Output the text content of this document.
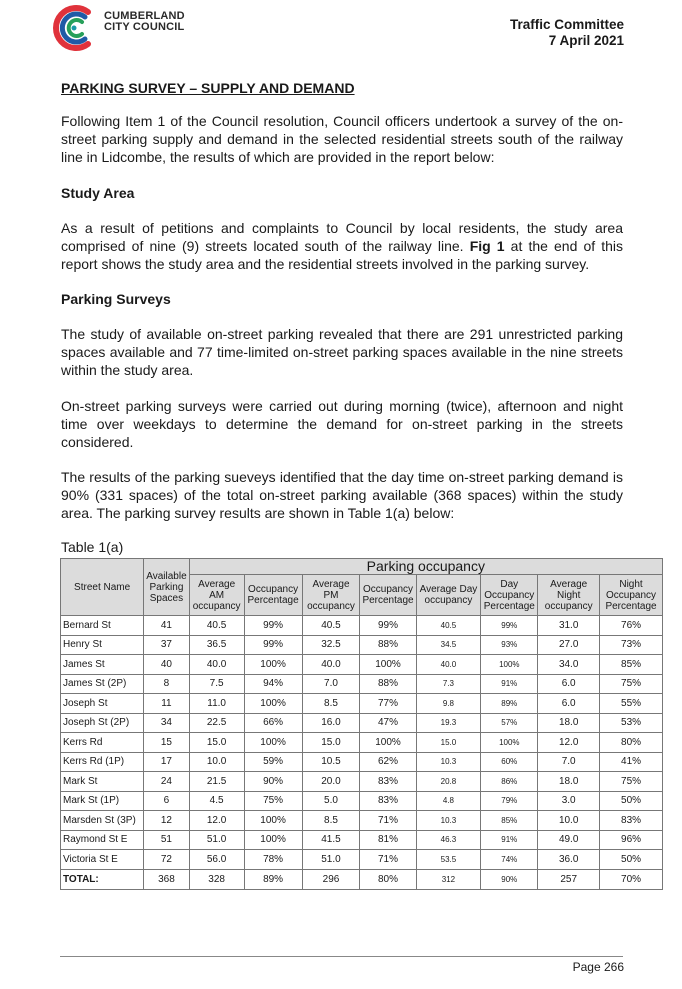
CUMBERLAND
CITY COUNCIL	Traffic Committee
7 April 2021

PARKING SURVEY – SUPPLY AND DEMAND

Following Item 1 of the Council resolution, Council officers undertook a survey of the on-street parking supply and demand in the selected residential streets south of the railway line in Lidcombe, the results of which are provided in the report below:

Study Area

As a result of petitions and complaints to Council by local residents, the study area comprised of nine (9) streets located south of the railway line. Fig 1 at the end of this report shows the study area and the residential streets involved in the parking survey.

Parking Surveys

The study of available on-street parking revealed that there are 291 unrestricted parking spaces available and 77 time-limited on-street parking spaces available in the nine streets within the study area.

On-street parking surveys were carried out during morning (twice), afternoon and night time over weekdays to determine the demand for on-street parking in the streets considered.

The results of the parking sueveys identified that the day time on-street parking demand is 90% (331 spaces) of the total on-street parking available (368 spaces) within the study area. The parking survey results are shown in Table 1(a) below:

Table 1(a)

Street Name	Available Parking Spaces	Parking occupancy							
		Average AM occupancy	Occupancy Percentage	Average PM occupancy	Occupancy Percentage	Average Day occupancy	Day Occupancy Percentage	Average Night occupancy	Night Occupancy Percentage
Bernard St	41	40.5	99%	40.5	99%	40.5	99%	31.0	76%
Henry St	37	36.5	99%	32.5	88%	34.5	93%	27.0	73%
James St	40	40.0	100%	40.0	100%	40.0	100%	34.0	85%
James St (2P)	8	7.5	94%	7.0	88%	7.3	91%	6.0	75%
Joseph St	11	11.0	100%	8.5	77%	9.8	89%	6.0	55%
Joseph St (2P)	34	22.5	66%	16.0	47%	19.3	57%	18.0	53%
Kerrs Rd	15	15.0	100%	15.0	100%	15.0	100%	12.0	80%
Kerrs Rd (1P)	17	10.0	59%	10.5	62%	10.3	60%	7.0	41%
Mark St	24	21.5	90%	20.0	83%	20.8	86%	18.0	75%
Mark St (1P)	6	4.5	75%	5.0	83%	4.8	79%	3.0	50%
Marsden St (3P)	12	12.0	100%	8.5	71%	10.3	85%	10.0	83%
Raymond St E	51	51.0	100%	41.5	81%	46.3	91%	49.0	96%
Victoria St E	72	56.0	78%	51.0	71%	53.5	74%	36.0	50%
TOTAL:	368	328	89%	296	80%	312	90%	257	70%
Page 266
